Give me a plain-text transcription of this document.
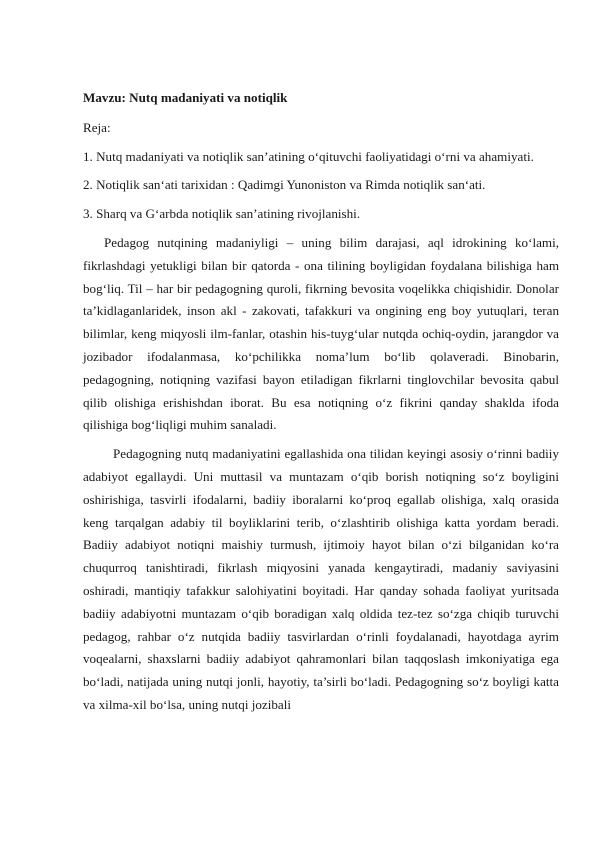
Mavzu: Nutq madaniyati va notiqlik

Reja:

1. Nutq madaniyati va notiqlik san’atining o‘qituvchi faoliyatidagi o‘rni va ahamiyati.

2. Notiqlik san‘ati tarixidan : Qadimgi Yunoniston va Rimda notiqlik san‘ati.

3. Sharq va G‘arbda notiqlik san’atining rivojlanishi.

Pedagog nutqining madaniyligi – uning bilim darajasi, aql idrokining ko‘lami, fikrlashdagi yetukligi bilan bir qatorda - ona tilining boyligidan foydalana bilishiga ham bog‘liq. Til – har bir pedagogning quroli, fikrning bevosita voqelikka chiqishidir. Donolar ta’kidlaganlaridek, inson akl - zakovati, tafakkuri va ongining eng boy yutuqlari, teran bilimlar, keng miqyosli ilm-fanlar, otashin his-tuyg‘ular nutqda ochiq-oydin, jarangdor va jozibador ifodalanmasa, ko‘pchilikka noma’lum bo‘lib qolaveradi. Binobarin, pedagogning, notiqning vazifasi bayon etiladigan fikrlarni tinglovchilar bevosita qabul qilib olishiga erishishdan iborat. Bu esa notiqning o‘z fikrini qanday shaklda ifoda qilishiga bog‘liqligi muhim sanaladi.

Pedagogning nutq madaniyatini egallashida ona tilidan keyingi asosiy o‘rinni badiiy adabiyot egallaydi. Uni muttasil va muntazam o‘qib borish notiqning so‘z boyligini oshirishiga, tasvirli ifodalarni, badiiy iboralarni ko‘proq egallab olishiga, xalq orasida keng tarqalgan adabiy til boyliklarini terib, o‘zlashtirib olishiga katta yordam beradi. Badiiy adabiyot notiqni maishiy turmush, ijtimoiy hayot bilan o‘zi bilganidan ko‘ra chuqurroq tanishtiradi, fikrlash miqyosini yanada kengaytiradi, madaniy saviyasini oshiradi, mantiqiy tafakkur salohiyatini boyitadi. Har qanday sohada faoliyat yuritsada badiiy adabiyotni muntazam o‘qib boradigan xalq oldida tez-tez so‘zga chiqib turuvchi pedagog, rahbar o‘z nutqida badiiy tasvirlardan o‘rinli foydalanadi, hayotdaga ayrim voqealarni, shaxslarni badiiy adabiyot qahramonlari bilan taqqoslash imkoniyatiga ega bo‘ladi, natijada uning nutqi jonli, hayotiy, ta’sirli bo‘ladi. Pedagogning so‘z boyligi katta va xilma-xil bo‘lsa, uning nutqi jozibali
